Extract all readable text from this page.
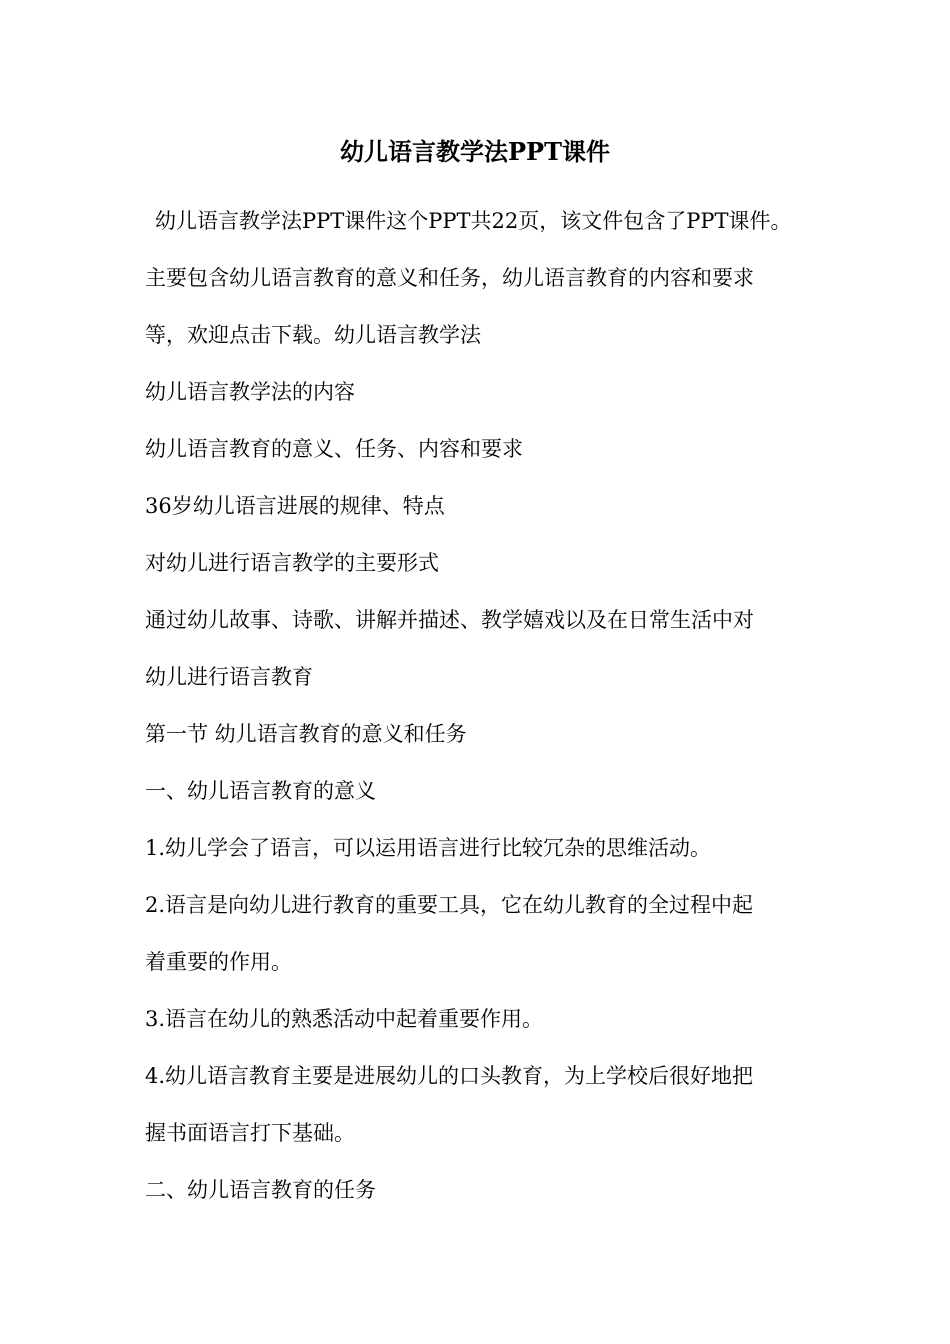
幼儿语言教学法PPT课件
幼儿语言教学法PPT课件这个PPT共22页，该文件包含了PPT课件。
主要包含幼儿语言教育的意义和任务，幼儿语言教育的内容和要求
等，欢迎点击下载。幼儿语言教学法
幼儿语言教学法的内容
幼儿语言教育的意义、任务、内容和要求
36岁幼儿语言进展的规律、特点
对幼儿进行语言教学的主要形式
通过幼儿故事、诗歌、讲解并描述、教学嬉戏以及在日常生活中对
幼儿进行语言教育
第一节 幼儿语言教育的意义和任务
一、幼儿语言教育的意义
1.幼儿学会了语言，可以运用语言进行比较冗杂的思维活动。
2.语言是向幼儿进行教育的重要工具，它在幼儿教育的全过程中起
着重要的作用。
3.语言在幼儿的熟悉活动中起着重要作用。
4.幼儿语言教育主要是进展幼儿的口头教育，为上学校后很好地把
握书面语言打下基础。
二、幼儿语言教育的任务
